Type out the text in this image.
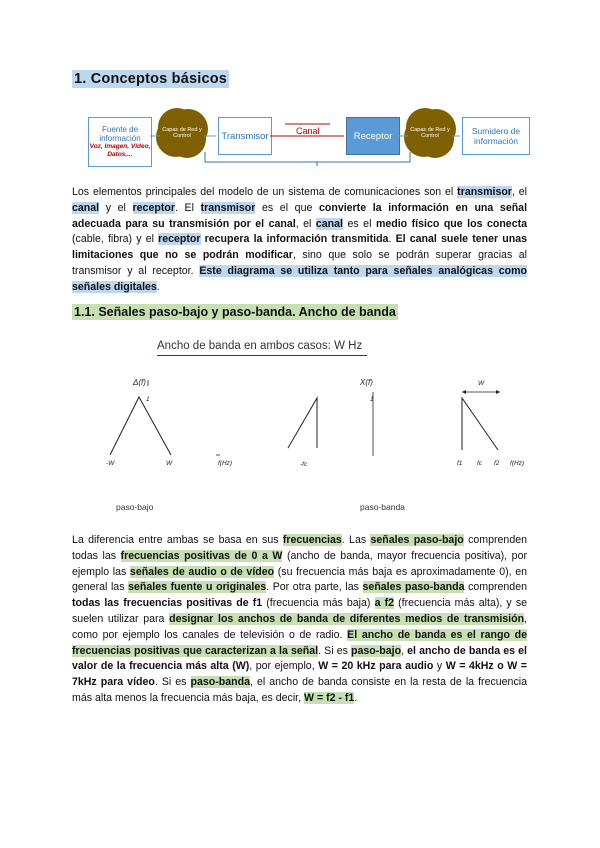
1. Conceptos básicos
Fuente de información
Voz, Imagen, Vídeo, Datos,...
Capas de Red y Control	Transmisor	Canal	Receptor
Capas de Red y Control	Sumidero de información

Los elementos principales del modelo de un sistema de comunicaciones son el transmisor, el canal y el receptor. El transmisor es el que convierte la información en una señal adecuada para su transmisión por el canal, el canal es el medio físico que los conecta (cable, fibra) y el receptor recupera la información transmitida. El canal suele tener unas limitaciones que no se podrán modificar, sino que solo se podrán superar gracias al transmisor y al receptor. Este diagrama se utiliza tanto para señales analógicas como señales digitales.

1.1. Señales paso-bajo y paso-banda. Ancho de banda
Ancho de banda en ambos casos: W Hz
Δ(f)
1
-W	W	f(Hz)
X(f)
1
-fc
W
f1 fc f2 f(Hz)
paso-bajo	paso-banda

La diferencia entre ambas se basa en sus frecuencias. Las señales paso-bajo comprenden todas las frecuencias positivas de 0 a W (ancho de banda, mayor frecuencia positiva), por ejemplo las señales de audio o de vídeo (su frecuencia más baja es aproximadamente 0), en general las señales fuente u originales. Por otra parte, las señales paso-banda comprenden todas las frecuencias positivas de f1 (frecuencia más baja) a f2 (frecuencia más alta), y se suelen utilizar para designar los anchos de banda de diferentes medios de transmisión, como por ejemplo los canales de televisión o de radio. El ancho de banda es el rango de frecuencias positivas que caracterizan a la señal. Si es paso-bajo, el ancho de banda es el valor de la frecuencia más alta (W), por ejemplo, W = 20 kHz para audio y W = 4kHz o W = 7kHz para vídeo. Si es paso-banda, el ancho de banda consiste en la resta de la frecuencia más alta menos la frecuencia más baja, es decir, W = f2 - f1.
